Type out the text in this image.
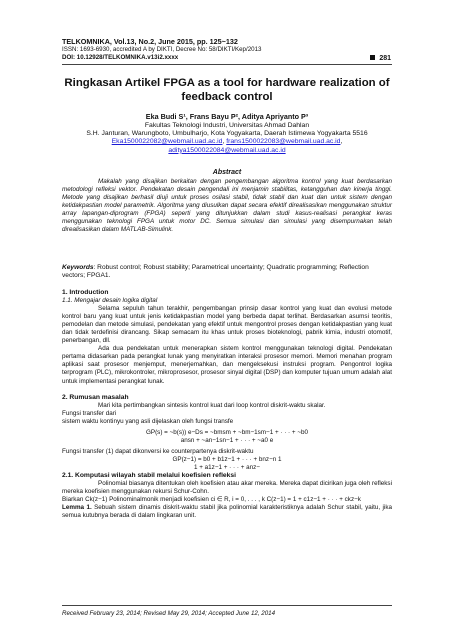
TELKOMNIKA, Vol.13, No.2, June 2015, pp. 125~132
ISSN: 1693-6930, accredited A by DIKTI, Decree No: 58/DIKTI/Kep/2013
DOI: 10.12928/TELKOMNIKA.v13i2.xxxx	281
Ringkasan Artikel FPGA as a tool for hardware realization of feedback control
Eka Budi S¹, Frans Bayu P², Aditya Apriyanto P³
Fakultas Teknologi Industri, Universitas Ahmad Dahlan
S.H. Janturan, Warungboto, Umbulharjo, Kota Yogyakarta, Daerah Istimewa Yogyakarta 5516
Eka1500022082@webmail.uad.ac.id, frans1500022083@webmail.uad.ac.id,
aditya1500022084@webmail.uad.ac.id
Abstract

Makalah yang disajikan berkaitan dengan pengembangan algoritma kontrol yang kuat berdasarkan metodologi refleksi vektor. Pendekatan desain pengendali ini menjamin stabilitas, ketangguhan dan kinerja tinggi. Metode yang disajikan berhasil diuji untuk proses osilasi stabil, tidak stabil dan kuat dan untuk sistem dengan ketidakpastian model parametrik. Algoritma yang diusulkan dapat secara efektif direalisasikan menggunakan struktur array lapangan-diprogram (FPGA) seperti yang ditunjukkan dalam studi kasus-realisasi perangkat keras menggunakan teknologi FPGA untuk motor DC. Semua simulasi dan simulasi yang disempurnakan telah direalisasikan dalam MATLAB-Simulink.

Keywords: Robust control; Robust stability; Parametrical uncertainty; Quadratic programming; Reflection vectors; FPGA1.
1. Introduction

1.1. Mengajar desain logika digital

Selama sepuluh tahun terakhir, pengembangan prinsip dasar kontrol yang kuat dan evolusi metode kontrol baru yang kuat untuk jenis ketidakpastian model yang berbeda dapat terlihat. Berdasarkan asumsi teoritis, pemodelan dan metode simulasi, pendekatan yang efektif untuk mengontrol proses dengan ketidakpastian yang kuat dan tidak terdefinisi dirancang. Sikap semacam itu khas untuk proses bioteknologi, pabrik kimia, industri otomotif, penerbangan, dll.

Ada dua pendekatan untuk menerapkan sistem kontrol menggunakan teknologi digital. Pendekatan pertama didasarkan pada perangkat lunak yang menyiratkan interaksi prosesor memori. Memori menahan program aplikasi saat prosesor menjemput, menerjemahkan, dan mengeksekusi instruksi program. Pengontrol logika terprogram (PLC), mikrokontroler, mikroprosesor, prosesor sinyal digital (DSP) dan komputer tujuan umum adalah alat untuk implementasi perangkat lunak.

2. Rumusan masalah

Mari kita pertimbangkan sintesis kontrol kuat dari loop kontrol diskrit-waktu skalar.

Fungsi transfer dari

sistem waktu kontinyu yang asli dijelaskan oleh fungsi transfe

GP(s) = ~b(s)) e−Ds = ~bmsm + ~bm−1sm−1 + · · · + ~b0

ansn + ~an−1sn−1 + · · · + ~a0 e

Fungsi transfer (1) dapat dikonversi ke counterpartenya diskrit-waktu

GP(z−1) = b0 + b1z−1 + · · · + bnz−n 1

1 + a1z−1 + · · · + anz−

2.1. Komputasi wilayah stabil melalui koefisien refleksi

Polinomial biasanya ditentukan oleh koefisien atau akar mereka. Mereka dapat dicirikan juga oleh refleksi mereka koefisien menggunakan rekursi Schur-Cohn.

Biarkan Ck(z−1) Polinominalmonik menjadi koefisien ci ∈ R, i = 0, . . . , k C(z−1) = 1 + c1z−1 + · · · + ckz−k

Lemma 1. Sebuah sistem dinamis diskrit-waktu stabil jika polinomial karakteristiknya adalah Schur stabil, yaitu, jika semua kutubnya berada di dalam lingkaran unit.

Received February 23, 2014; Revised May 29, 2014; Accepted June 12, 2014
